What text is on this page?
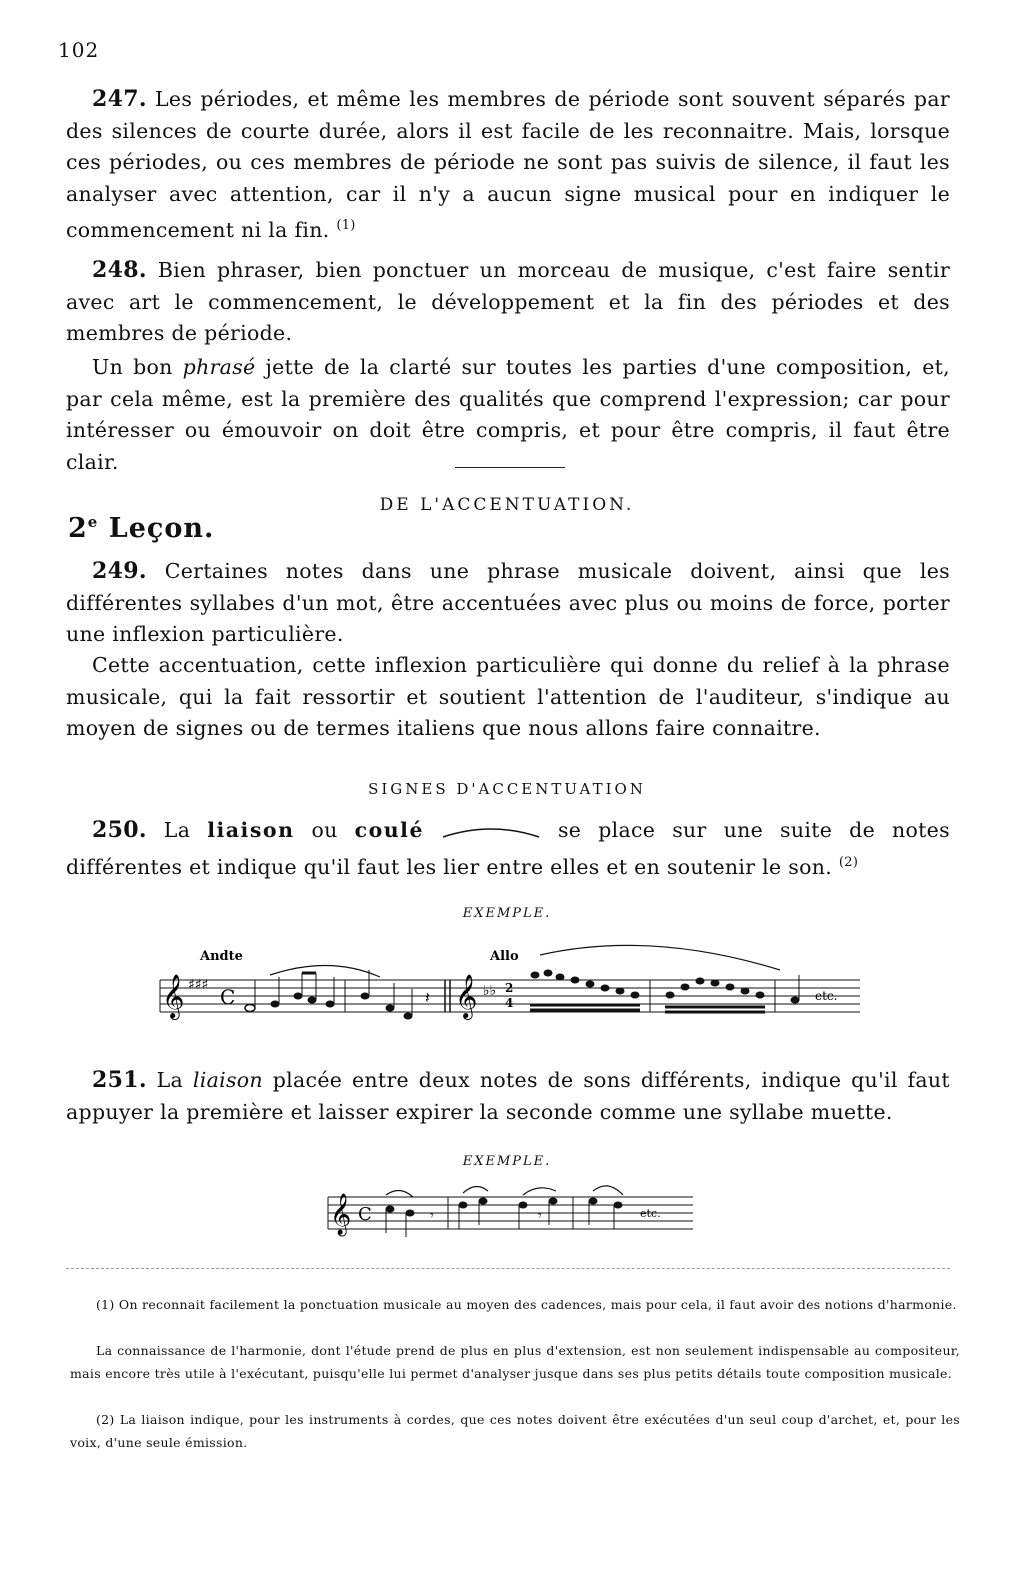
102
247. Les périodes, et même les membres de période sont souvent séparés par des silences de courte durée, alors il est facile de les reconnaitre. Mais, lorsque ces périodes, ou ces membres de période ne sont pas suivis de silence, il faut les analyser avec attention, car il n'y a aucun signe musical pour en indiquer le commencement ni la fin. $^{(1)}$
248. Bien phraser, bien ponctuer un morceau de musique, c'est faire sentir avec art le commencement, le développement et la fin des périodes et des membres de période.
Un bon phrasé jette de la clarté sur toutes les parties d'une composition, et, par cela même, est la première des qualités que comprend l'expression; car pour intéresser ou émouvoir on doit être compris, et pour être compris, il faut être clair.
DE L'ACCENTUATION.
2e Leçon.
249. Certaines notes dans une phrase musicale doivent, ainsi que les différentes syllabes d'un mot, être accentuées avec plus ou moins de force, porter une inflexion particulière.
Cette accentuation, cette inflexion particulière qui donne du relief à la phrase musicale, qui la fait ressortir et soutient l'attention de l'auditeur, s'indique au moyen de signes ou de termes italiens que nous allons faire connaitre.
SIGNES D'ACCENTUATION
250. La liaison ou coulé	se place sur une suite de notes différentes et indique qu'il faut les lier entre elles et en soutenir le son. $^{(2)}$
EXEMPLE.
𝄞 ♯♯♯ C
Andte	Allo
𝄽 𝄞 ♭♭ 2
4	etc.
251. La liaison placée entre deux notes de sons différents, indique qu'il faut appuyer la première et laisser expirer la seconde comme une syllabe muette.
EXEMPLE.
𝄞 C	𝄾	𝄾	etc.
(1) On reconnait facilement la ponctuation musicale au moyen des cadences, mais pour cela, il faut avoir des notions d'harmonie.
La connaissance de l'harmonie, dont l'étude prend de plus en plus d'extension, est non seulement indispensable au compositeur, mais encore très utile à l'exécutant, puisqu'elle lui permet d'analyser jusque dans ses plus petits détails toute composition musicale.
(2) La liaison indique, pour les instruments à cordes, que ces notes doivent être exécutées d'un seul coup d'archet, et, pour les voix, d'une seule émission.
